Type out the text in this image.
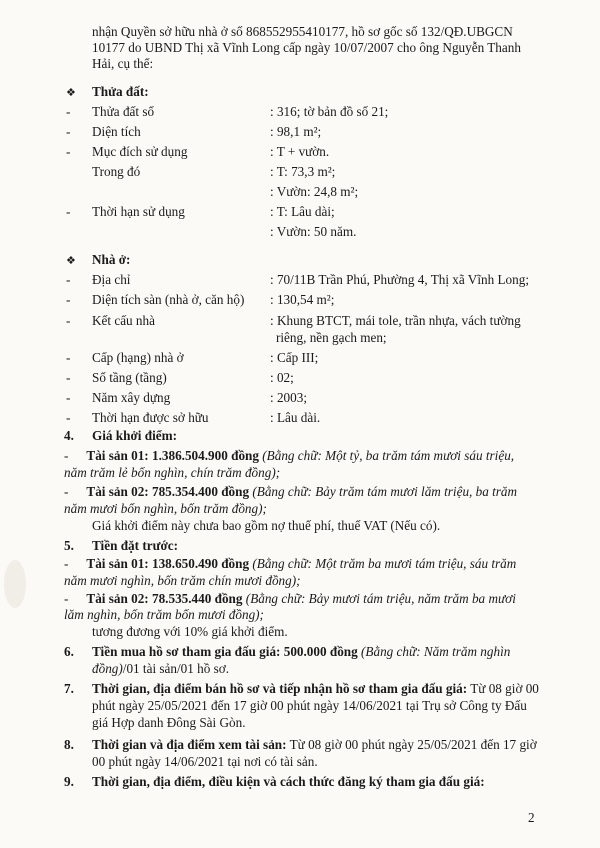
nhận Quyền sở hữu nhà ở số 868552955410177, hồ sơ gốc số 132/QĐ.UBGCN
10177 do UBND Thị xã Vĩnh Long cấp ngày 10/07/2007 cho ông Nguyễn Thanh
Hải, cụ thể:
❖ Thửa đất:
- Thửa đất số	: 316; tờ bản đồ số 21;
- Diện tích	: 98,1 m²;
- Mục đích sử dụng	: T + vườn.
Trong đó	: T: 73,3 m²;
: Vườn: 24,8 m²;
- Thời hạn sử dụng	: T: Lâu dài;
: Vườn: 50 năm.
❖ Nhà ở:
- Địa chỉ	: 70/11B Trần Phú, Phường 4, Thị xã Vĩnh Long;
- Diện tích sàn (nhà ở, căn hộ) : 130,54 m²;
- Kết cấu nhà	: Khung BTCT, mái tole, trần nhựa, vách tường
riêng, nền gạch men;
- Cấp (hạng) nhà ở	: Cấp III;
- Số tầng (tầng)	: 02;
- Năm xây dựng	: 2003;
- Thời hạn được sở hữu	: Lâu dài.
4. Giá khởi điểm:
- Tài sản 01: 1.386.504.900 đồng (Bằng chữ: Một tỷ, ba trăm tám mươi sáu triệu,
năm trăm lẻ bốn nghìn, chín trăm đồng);
- Tài sản 02: 785.354.400 đồng (Bằng chữ: Bảy trăm tám mươi lăm triệu, ba trăm
năm mươi bốn nghìn, bốn trăm đồng);
Giá khởi điểm này chưa bao gồm nợ thuế phí, thuế VAT (Nếu có).
5. Tiền đặt trước:
- Tài sản 01: 138.650.490 đồng (Bằng chữ: Một trăm ba mươi tám triệu, sáu trăm
năm mươi nghìn, bốn trăm chín mươi đồng);
- Tài sản 02: 78.535.440 đồng (Bằng chữ: Bảy mươi tám triệu, năm trăm ba mươi
lăm nghìn, bốn trăm bốn mươi đồng);
tương đương với 10% giá khởi điểm.
6. Tiền mua hồ sơ tham gia đấu giá: 500.000 đồng (Bằng chữ: Năm trăm nghìn
đồng)/01 tài sản/01 hồ sơ.
7. Thời gian, địa điểm bán hồ sơ và tiếp nhận hồ sơ tham gia đấu giá: Từ 08 giờ 00
phút ngày 25/05/2021 đến 17 giờ 00 phút ngày 14/06/2021 tại Trụ sở Công ty Đấu
giá Hợp danh Đông Sài Gòn.
8. Thời gian và địa điểm xem tài sản: Từ 08 giờ 00 phút ngày 25/05/2021 đến 17 giờ
00 phút ngày 14/06/2021 tại nơi có tài sản.
9. Thời gian, địa điểm, điều kiện và cách thức đăng ký tham gia đấu giá:
2
